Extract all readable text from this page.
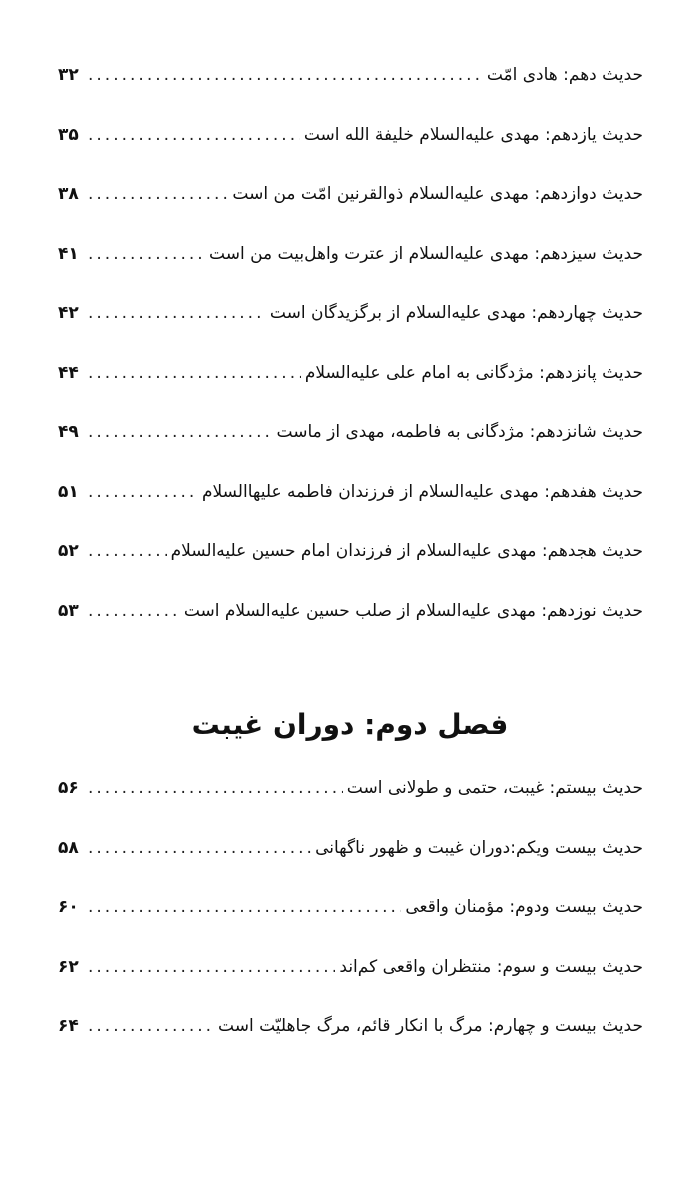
حدیث دهم: هادی امّت
.....
۳۲
حدیث یازدهم: مهدی عليه‌السلام خلیفة الله است
.....
۳۵
حدیث دوازدهم: مهدی عليه‌السلام ذوالقرنین امّت من است
.....
۳۸
حدیث سیزدهم: مهدی عليه‌السلام از عترت واهل‌بیت من است
.....
۴۱
حدیث چهاردهم: مهدی عليه‌السلام از برگزیدگان است
.....
۴۲
حدیث پانزدهم: مژدگانی به امام علی عليه‌السلام
.....
۴۴
حدیث شانزدهم: مژدگانی به فاطمه، مهدی از ماست
.....
۴۹
حدیث هفدهم: مهدی عليه‌السلام از فرزندان فاطمه عليهاالسلام
.....
۵۱
حدیث هجدهم: مهدی عليه‌السلام از فرزندان امام حسین عليه‌السلام
.....
۵۲
حدیث نوزدهم: مهدی عليه‌السلام از صلب حسین عليه‌السلام است
.....
۵۳
فصل دوم: دوران غیبت
حدیث بیستم: غیبت، حتمی و طولانی است
.....
۵۶
حدیث بیست ویکم:دوران غیبت و ظهور ناگهانی
.....
۵۸
حدیث بیست ودوم: مؤمنان واقعی
.....
۶۰
حدیث بیست و سوم: منتظران واقعی کم‌اند
.....
۶۲
حدیث بیست و چهارم: مرگ با انکار قائم، مرگ جاهلیّت است
.....
۶۴
